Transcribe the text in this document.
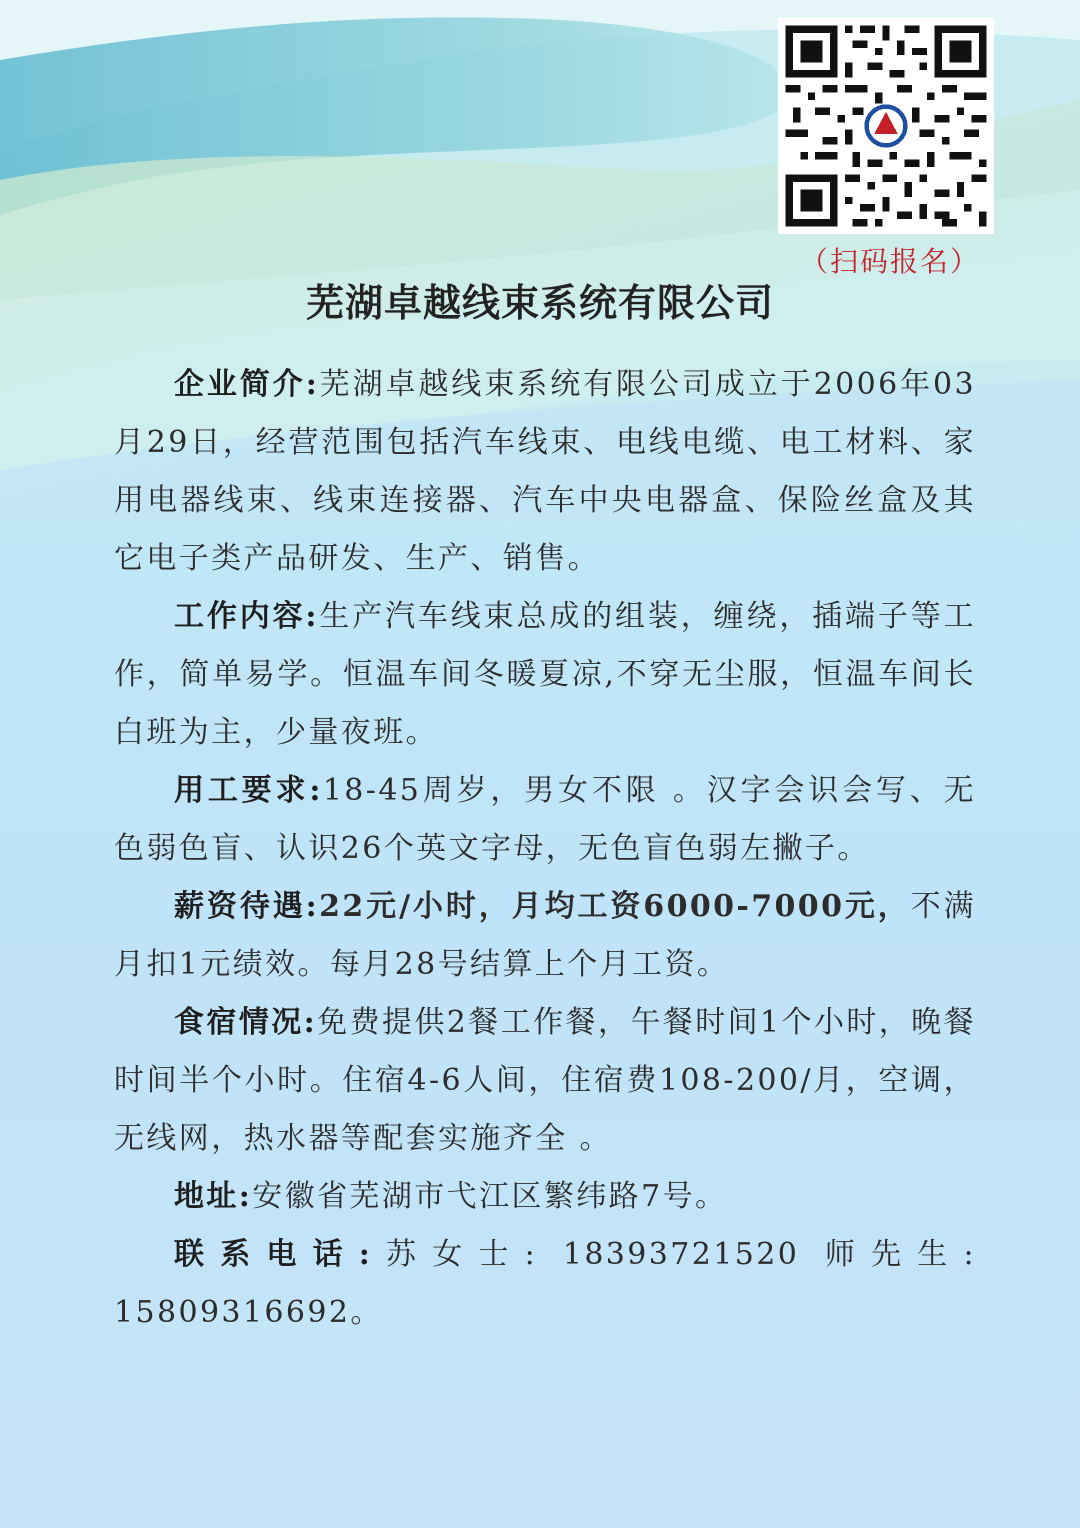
（扫码报名）
芜湖卓越线束系统有限公司

企业简介:芜湖卓越线束系统有限公司成立于2006年03月29日，经营范围包括汽车线束、电线电缆、电工材料、家用电器线束、线束连接器、汽车中央电器盒、保险丝盒及其它电子类产品研发、生产、销售。

工作内容:生产汽车线束总成的组装，缠绕，插端子等工作，简单易学。恒温车间冬暖夏凉,不穿无尘服，恒温车间长白班为主，少量夜班。

用工要求:18-45周岁，男女不限 。汉字会识会写、无色弱色盲、认识26个英文字母，无色盲色弱左撇子。

薪资待遇:22元/小时，月均工资6000-7000元，不满月扣1元绩效。每月28号结算上个月工资。

食宿情况:免费提供2餐工作餐，午餐时间1个小时，晚餐时间半个小时。住宿4-6人间，住宿费108-200/月，空调，无线网，热水器等配套实施齐全 。

地址:安徽省芜湖市弋江区繁纬路7号。

联系电话:苏女士: 18393721520 师先生: 15809316692。
